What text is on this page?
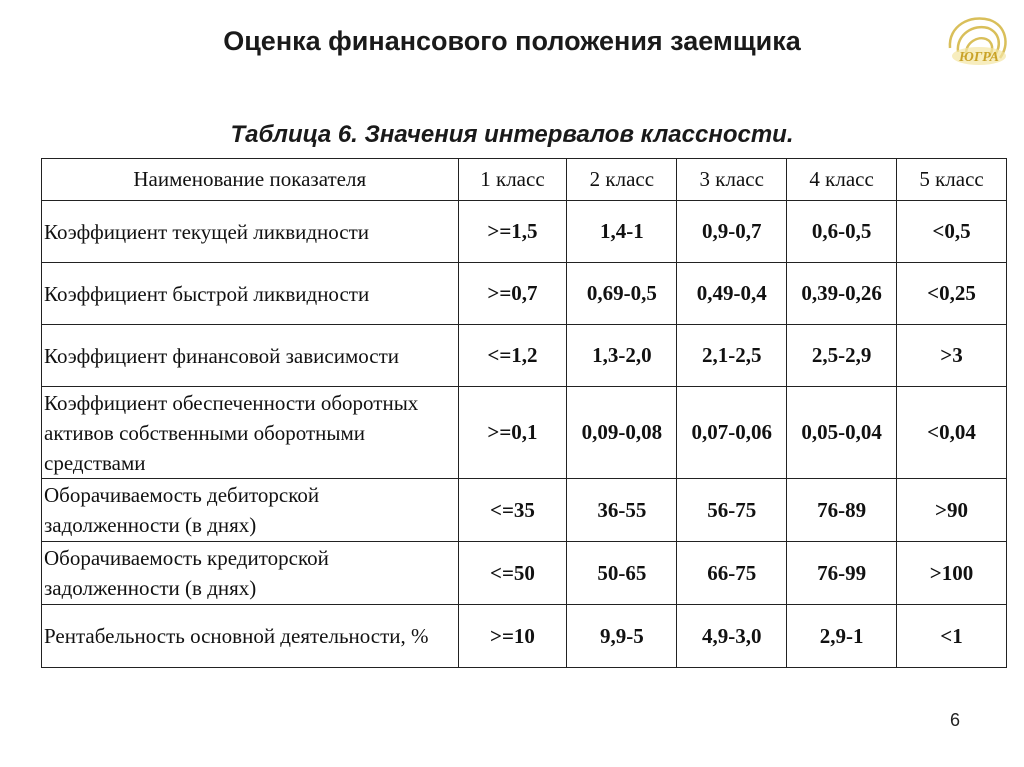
Оценка финансового положения заемщика
ЮГРА
Таблица 6. Значения интервалов классности.
Наименование показателя	1 класс	2 класс	3 класс	4 класс	5 класс
Коэффициент текущей ликвидности	>=1,5	1,4-1	0,9-0,7	0,6-0,5	<0,5
Коэффициент быстрой ликвидности	>=0,7	0,69-0,5	0,49-0,4	0,39-0,26	<0,25
Коэффициент финансовой зависимости	<=1,2	1,3-2,0	2,1-2,5	2,5-2,9	>3
Коэффициент обеспеченности оборотных активов собственными оборотными средствами	>=0,1	0,09-0,08	0,07-0,06	0,05-0,04	<0,04
Оборачиваемость дебиторской задолженности (в днях)	<=35	36-55	56-75	76-89	>90
Оборачиваемость кредиторской задолженности (в днях)	<=50	50-65	66-75	76-99	>100
Рентабельность основной деятельности, %	>=10	9,9-5	4,9-3,0	2,9-1	<1
6
